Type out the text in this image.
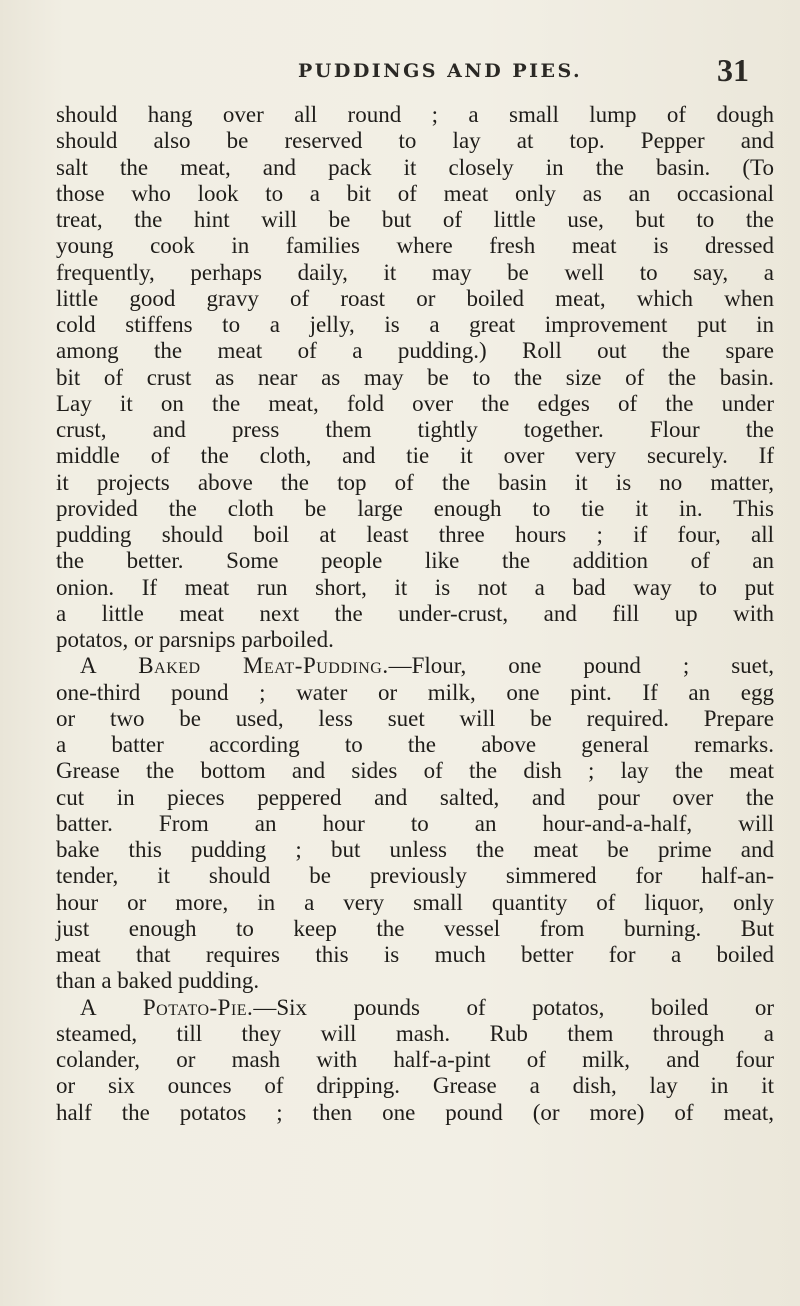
PUDDINGS AND PIES.	31
should hang over all round ; a small lump of dough
should also be reserved to lay at top. Pepper and
salt the meat, and pack it closely in the basin. (To
those who look to a bit of meat only as an occasional
treat, the hint will be but of little use, but to the
young cook in families where fresh meat is dressed
frequently, perhaps daily, it may be well to say, a
little good gravy of roast or boiled meat, which when
cold stiffens to a jelly, is a great improvement put in
among the meat of a pudding.) Roll out the spare
bit of crust as near as may be to the size of the basin.
Lay it on the meat, fold over the edges of the under
crust, and press them tightly together. Flour the
middle of the cloth, and tie it over very securely. If
it projects above the top of the basin it is no matter,
provided the cloth be large enough to tie it in. This
pudding should boil at least three hours ; if four, all
the better. Some people like the addition of an
onion. If meat run short, it is not a bad way to put
a little meat next the under-crust, and fill up with
potatos, or parsnips parboiled.
A Baked Meat-Pudding.—Flour, one pound ; suet,
one-third pound ; water or milk, one pint. If an egg
or two be used, less suet will be required. Prepare
a batter according to the above general remarks.
Grease the bottom and sides of the dish ; lay the meat
cut in pieces peppered and salted, and pour over the
batter. From an hour to an hour-and-a-half, will
bake this pudding ; but unless the meat be prime and
tender, it should be previously simmered for half-an-
hour or more, in a very small quantity of liquor, only
just enough to keep the vessel from burning. But
meat that requires this is much better for a boiled
than a baked pudding.
A Potato-Pie.—Six pounds of potatos, boiled or
steamed, till they will mash. Rub them through a
colander, or mash with half-a-pint of milk, and four
or six ounces of dripping. Grease a dish, lay in it
half the potatos ; then one pound (or more) of meat,
